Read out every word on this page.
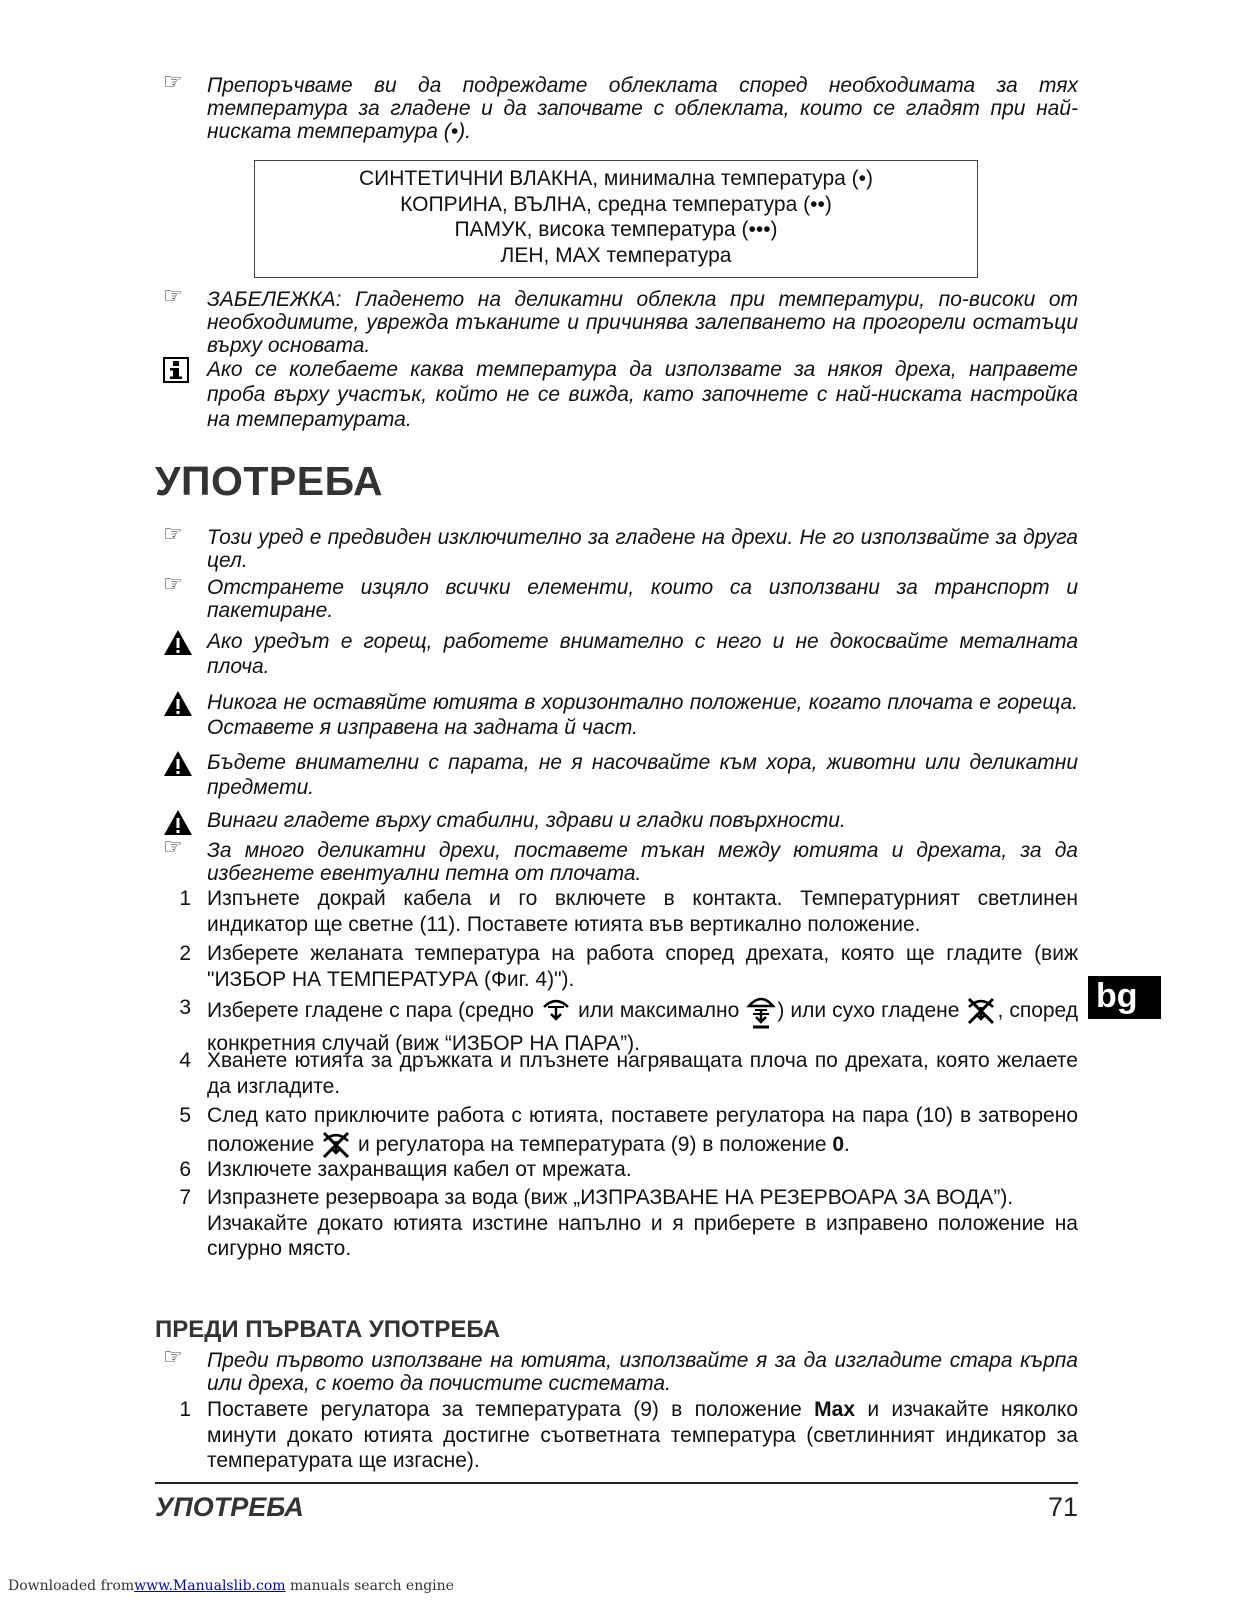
☞ Препоръчваме ви да подреждате облеклата според необходимата за тях температура за гладене и да започвате с облеклата, които се гладят при най-ниската температура (•).
СИНТЕТИЧНИ ВЛАКНА, минимална температура (•)
КОПРИНА, ВЪЛНА, средна температура (••)
ПАМУК, висока температура (•••)
ЛЕН, MAX температура
☞ ЗАБЕЛЕЖКА: Гладенето на деликатни облекла при температури, по-високи от необходимите, уврежда тъканите и причинява залепването на прогорели остатъци върху основата.
Ако се колебаете каква температура да използвате за някоя дреха, направете проба върху участък, който не се вижда, като започнете с най-ниската настройка на температурата.
УПОТРЕБА
☞ Този уред е предвиден изключително за гладене на дрехи. Не го използвайте за друга цел.
☞ Отстранете изцяло всички елементи, които са използвани за транспорт и пакетиране.
Ако уредът е горещ, работете внимателно с него и не докосвайте металната плоча.
Никога не оставяйте ютията в хоризонтално положение, когато плочата е гореща. Оставете я изправена на задната й част.
Бъдете внимателни с парата, не я насочвайте към хора, животни или деликатни предмети.
Винаги гладете върху стабилни, здрави и гладки повърхности.
☞ За много деликатни дрехи, поставете тъкан между ютията и дрехата, за да избегнете евентуални петна от плочата.
1 Изпънете докрай кабела и го включете в контакта. Температурният светлинен индикатор ще светне (11). Поставете ютията във вертикално положение.
2 Изберете желаната температура на работа според дрехата, която ще гладите (виж "ИЗБОР НА ТЕМПЕРАТУРА (Фиг. 4)").
3 Изберете гладене с пара (средно или максимално ) или сухо гладене , според конкретния случай (виж “ИЗБОР НА ПАРА”).
4 Хванете ютията за дръжката и плъзнете нагряващата плоча по дрехата, която желаете да изгладите.
5 След като приключите работа с ютията, поставете регулатора на пара (10) в затворено положение и регулатора на температурата (9) в положение 0.
6 Изключете захранващия кабел от мрежата.
7 Изпразнете резервоара за вода (виж „ИЗПРАЗВАНЕ НА РЕЗЕРВОАРА ЗА ВОДА”).
Изчакайте докато ютията изстине напълно и я приберете в изправено положение на сигурно място.
ПРЕДИ ПЪРВАТА УПОТРЕБА
☞ Преди първото използване на ютията, използвайте я за да изгладите стара кърпа или дреха, с което да почистите системата.
1 Поставете регулатора за температурата (9) в положение Max и изчакайте няколко минути докато ютията достигне съответната температура (светлинният индикатор за температурата ще изгасне).
УПОТРЕБА	71
bg
Downloaded fromwww.Manualslib.com manuals search engine
